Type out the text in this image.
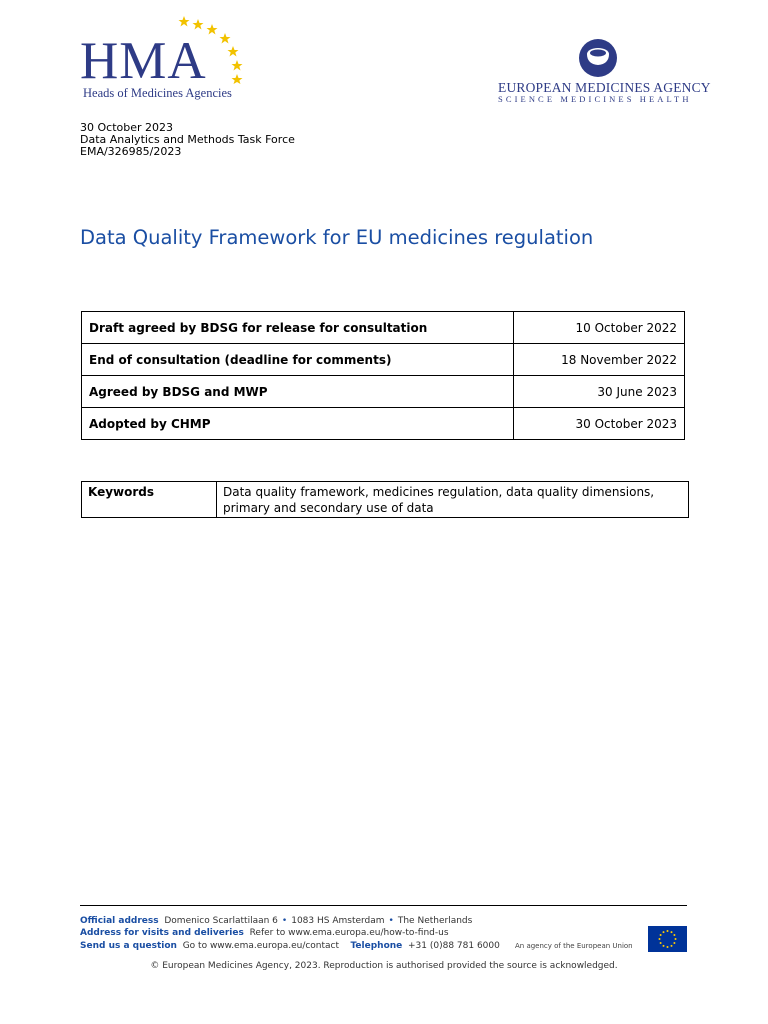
HMA
Heads of Medicines Agencies	EUROPEAN MEDICINES AGENCY
SCIENCE MEDICINES HEALTH
30 October 2023
Data Analytics and Methods Task Force
EMA/326985/2023
Data Quality Framework for EU medicines regulation
Draft agreed by BDSG for release for consultation	10 October 2022
End of consultation (deadline for comments)	18 November 2022
Agreed by BDSG and MWP	30 June 2023
Adopted by CHMP	30 October 2023
Keywords	Data quality framework, medicines regulation, data quality dimensions,
primary and secondary use of data
Official address Domenico Scarlattilaan 6 • 1083 HS Amsterdam • The Netherlands
Address for visits and deliveries Refer to www.ema.europa.eu/how-to-find-us
Send us a question Go to www.ema.europa.eu/contact Telephone +31 (0)88 781 6000 An agency of the European Union
© European Medicines Agency, 2023. Reproduction is authorised provided the source is acknowledged.
